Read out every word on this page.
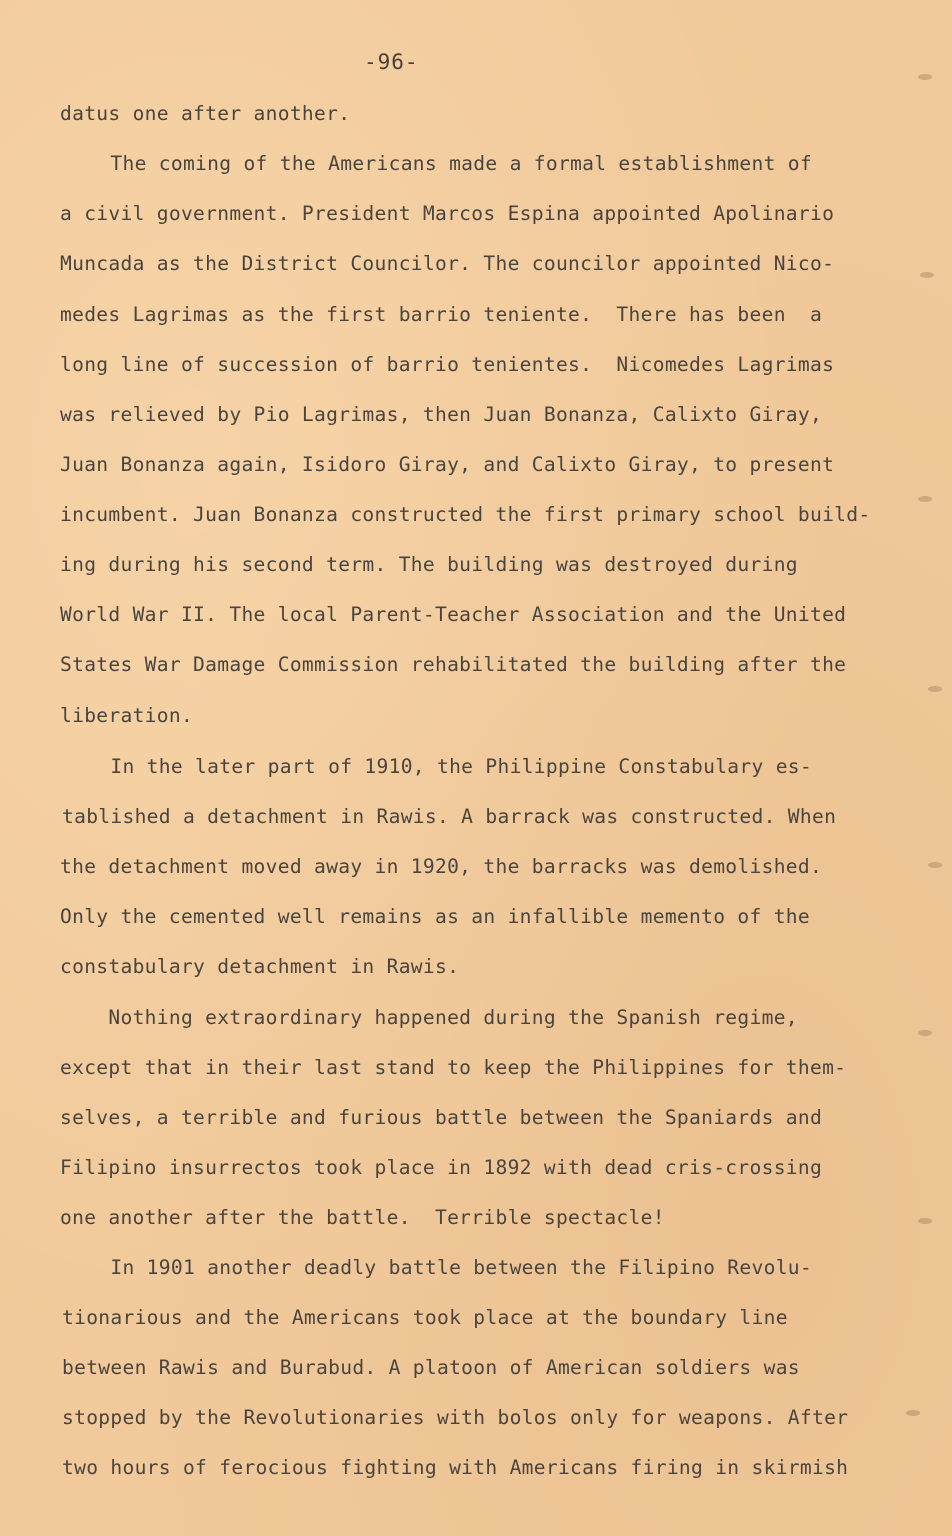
-96-
datus one after another.
The coming of the Americans made a formal establishment of
a civil government. President Marcos Espina appointed Apolinario
Muncada as the District Councilor. The councilor appointed Nico-
medes Lagrimas as the first barrio teniente.  There has been  a
long line of succession of barrio tenientes.  Nicomedes Lagrimas
was relieved by Pio Lagrimas, then Juan Bonanza, Calixto Giray,
Juan Bonanza again, Isidoro Giray, and Calixto Giray, to present
incumbent. Juan Bonanza constructed the first primary school build-
ing during his second term. The building was destroyed during
World War II. The local Parent-Teacher Association and the United
States War Damage Commission rehabilitated the building after the
liberation.
In the later part of 1910, the Philippine Constabulary es-
tablished a detachment in Rawis. A barrack was constructed. When
the detachment moved away in 1920, the barracks was demolished.
Only the cemented well remains as an infallible memento of the
constabulary detachment in Rawis.
Nothing extraordinary happened during the Spanish regime,
except that in their last stand to keep the Philippines for them-
selves, a terrible and furious battle between the Spaniards and
Filipino insurrectos took place in 1892 with dead cris-crossing
one another after the battle.  Terrible spectacle!
In 1901 another deadly battle between the Filipino Revolu-
tionarious and the Americans took place at the boundary line
between Rawis and Burabud. A platoon of American soldiers was
stopped by the Revolutionaries with bolos only for weapons. After
two hours of ferocious fighting with Americans firing in skirmish
